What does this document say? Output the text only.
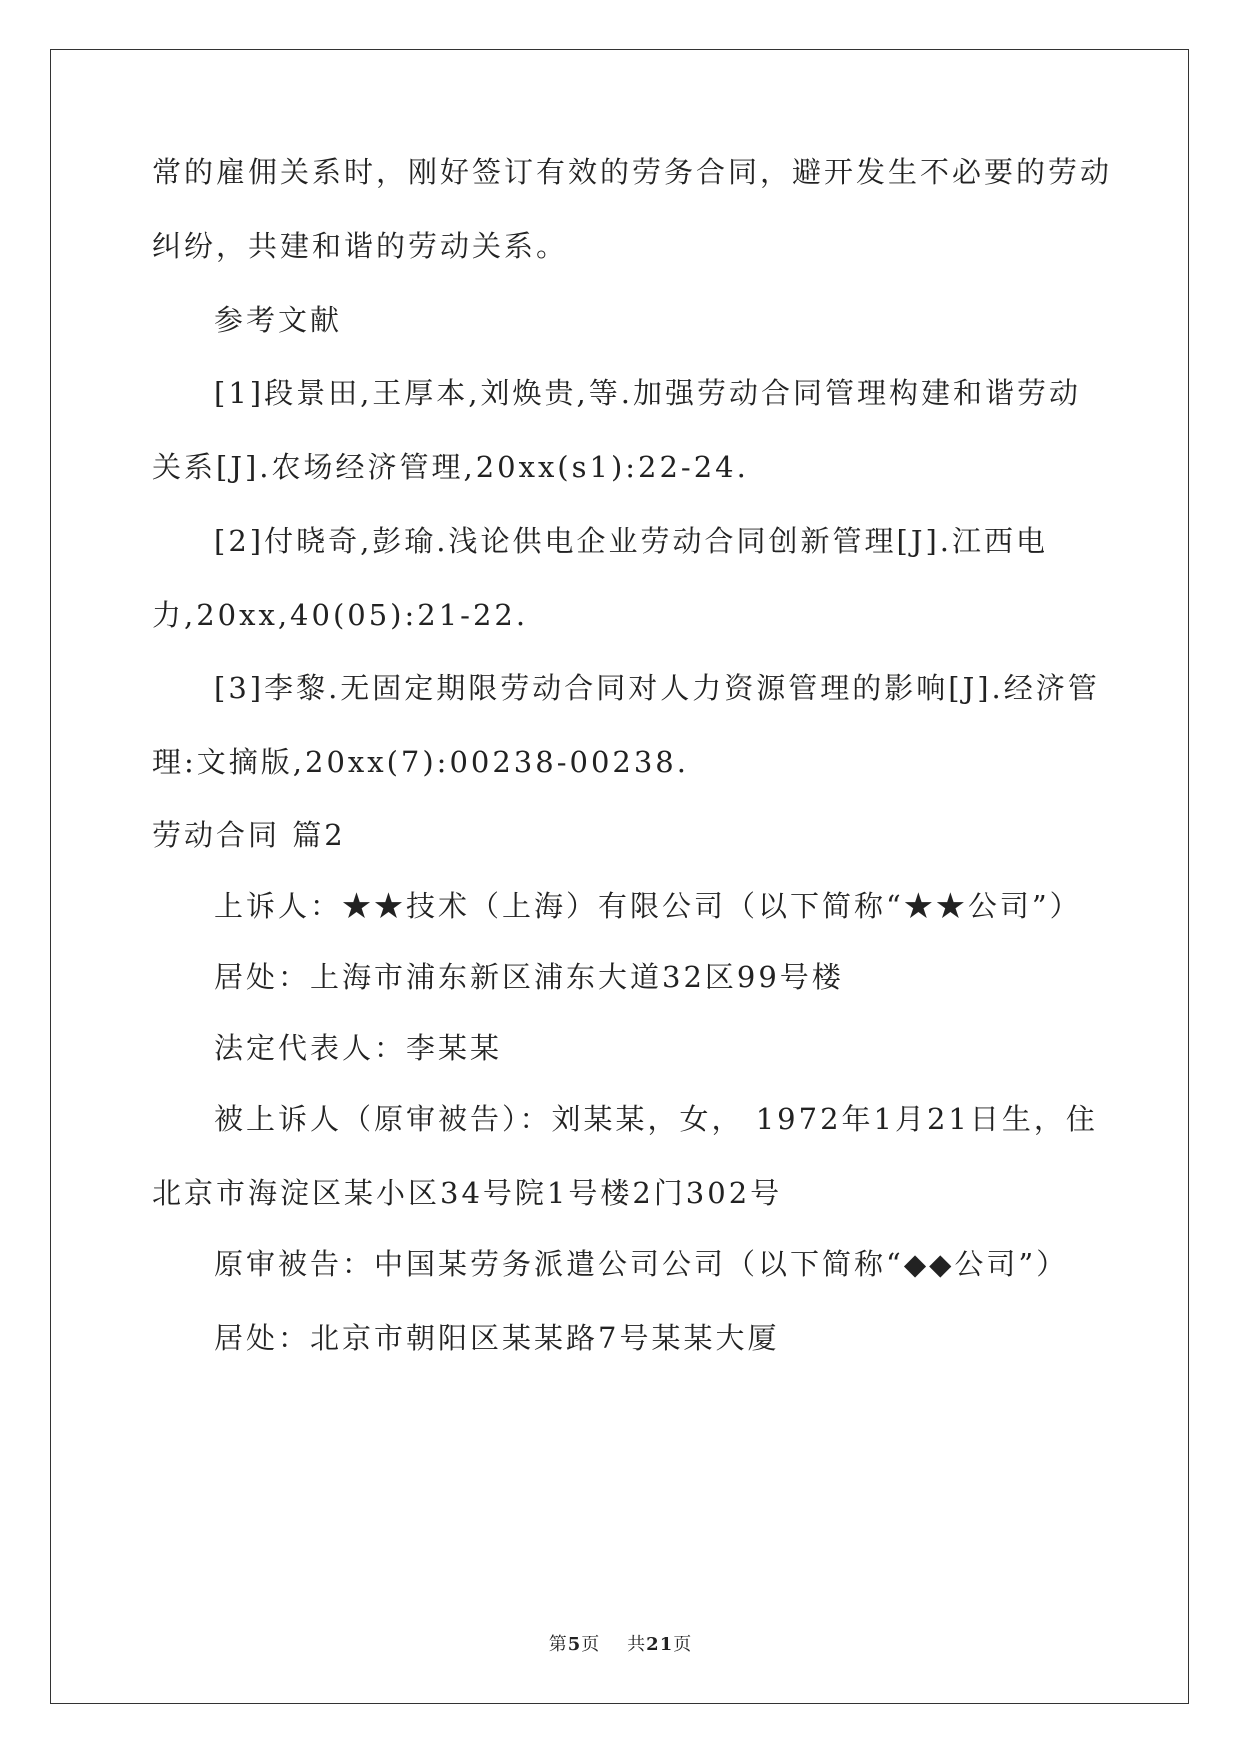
常的雇佣关系时，刚好签订有效的劳务合同，避开发生不必要的劳动
纠纷，共建和谐的劳动关系。
参考文献
[1]段景田,王厚本,刘焕贵,等.加强劳动合同管理构建和谐劳动
关系[J].农场经济管理,20xx(s1):22-24.
[2]付晓奇,彭瑜.浅论供电企业劳动合同创新管理[J].江西电
力,20xx,40(05):21-22.
[3]李黎.无固定期限劳动合同对人力资源管理的影响[J].经济管
理:文摘版,20xx(7):00238-00238.
劳动合同 篇2
上诉人：★★技术（上海）有限公司（以下简称“★★公司”）
居处：上海市浦东新区浦东大道32区99号楼
法定代表人：李某某
被上诉人（原审被告）：刘某某，女， 1972年1月21日生，住
北京市海淀区某小区34号院1号楼2门302号
原审被告：中国某劳务派遣公司公司（以下简称“◆◆公司”）
居处：北京市朝阳区某某路7号某某大厦
第5页 共21页
